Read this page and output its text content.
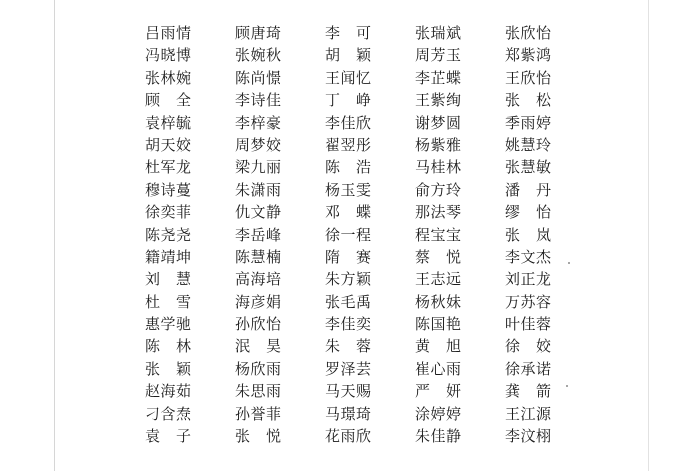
吕雨情	顾唐琦	李　可	张瑞斌	张欣怡
冯晓博	张婉秋	胡　颖	周芳玉	郑紫鸿
张林婉	陈尚憬	王闻忆	李芷蝶	王欣怡
顾　全	李诗佳	丁　峥	王紫绚	张　松
袁梓毓	李梓豪	李佳欣	谢梦圆	季雨婷
胡天姣	周梦姣	翟翌彤	杨紫雅	姚慧玲
杜军龙	梁九丽	陈　浩	马桂林	张慧敏
穆诗蔓	朱潇雨	杨玉雯	俞方玲	潘　丹
徐奕菲	仇文静	邓　蝶	那法琴	缪　怡
陈尧尧	李岳峰	徐一程	程宝宝	张　岚
籍靖坤	陈慧楠	隋　赛	蔡　悦	李文杰
刘　慧	高海培	朱方颖	王志远	刘正龙
杜　雪	海彦娟	张毛禹	杨秋妹	万苏容
惠学驰	孙欣怡	李佳奕	陈国艳	叶佳蓉
陈　林	泯　昊	朱　蓉	黄　旭	徐　姣
张　颖	杨欣雨	罗泽芸	崔心雨	徐承诺
赵海茹	朱思雨	马天赐	严　妍	龚　箭
刁含焘	孙誉菲	马璟琦	涂婷婷	王江源
袁　子	张　悦	花雨欣	朱佳静	李汶栩
